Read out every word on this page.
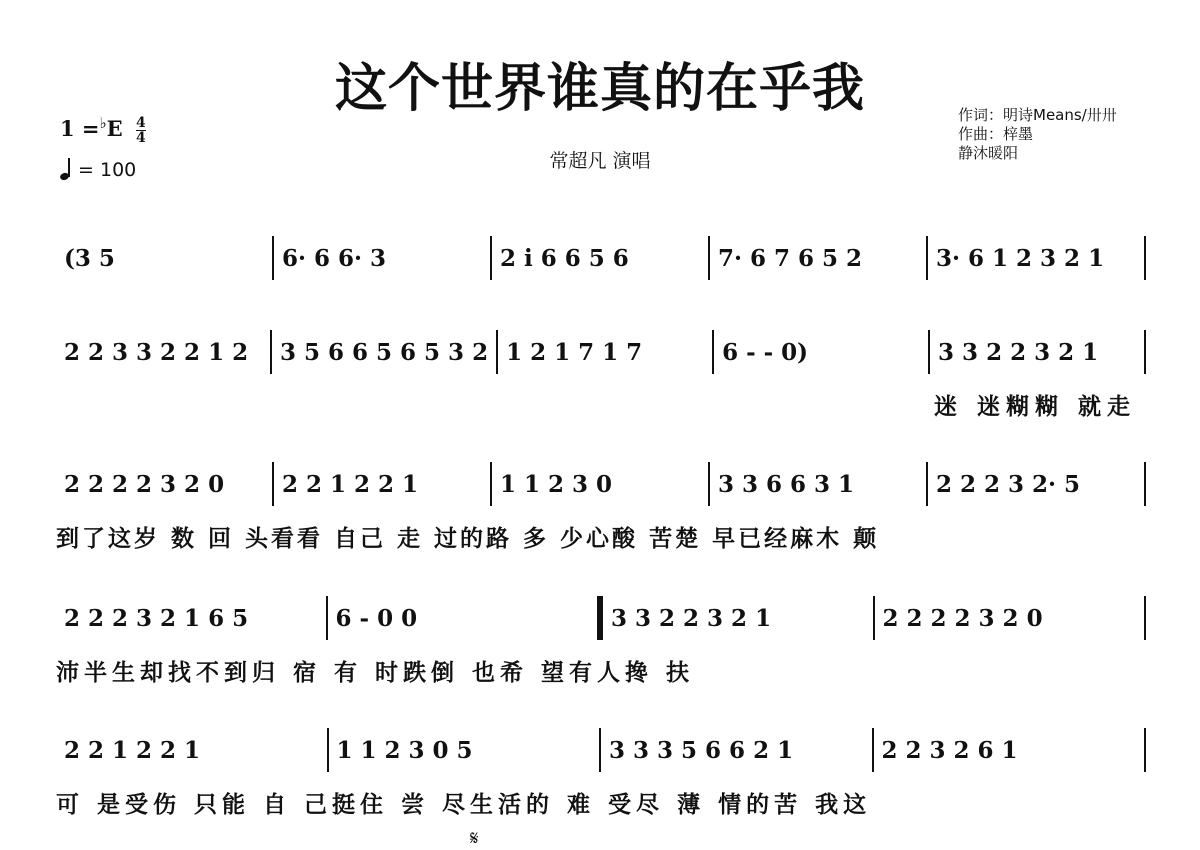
这个世界谁真的在乎我
常超凡 演唱
$1 =^♭E \frac{4}{4}$
= 100
作词：明诗Means/卅卅
作曲：梓墨
静沐暖阳
(3 5	6· 6 6· 3	2 i 6 6 5 6	7· 6 7 6 5 2	3· 6 1 2 3 2 1
2 2 3 3 2 2 1 2	3 5 6 6 5 6 5 3 2 1 2 1 7 1 7	6 - - 0)	3 3 2 2 3 2 1
迷 迷糊糊 就走
2 2 2 2 3 2 0	2 2 1 2 2 1	1 1 2 3 0	3 3 6 6 3 1	2 2 2 3 2· 5
到了这岁 数 回 头看看 自己 走 过的路 多 少心酸 苦楚 早已经麻木 颠
2 2 2 3 2 1 6 5	6 - 0 0	3 3 2 2 3 2 1	2 2 2 2 3 2 0
沛半生却找不到归 宿 有 时跌倒 也希 望有人搀 扶
2 2 1 2 2 1	1 1 2 3 0 5	3 3 3 5 6 6 2 1	2 2 3 2 6 1
可 是受伤 只能 自 己挺住 尝 尽生活的 难 受尽 薄 情的苦 我这
𝄋
